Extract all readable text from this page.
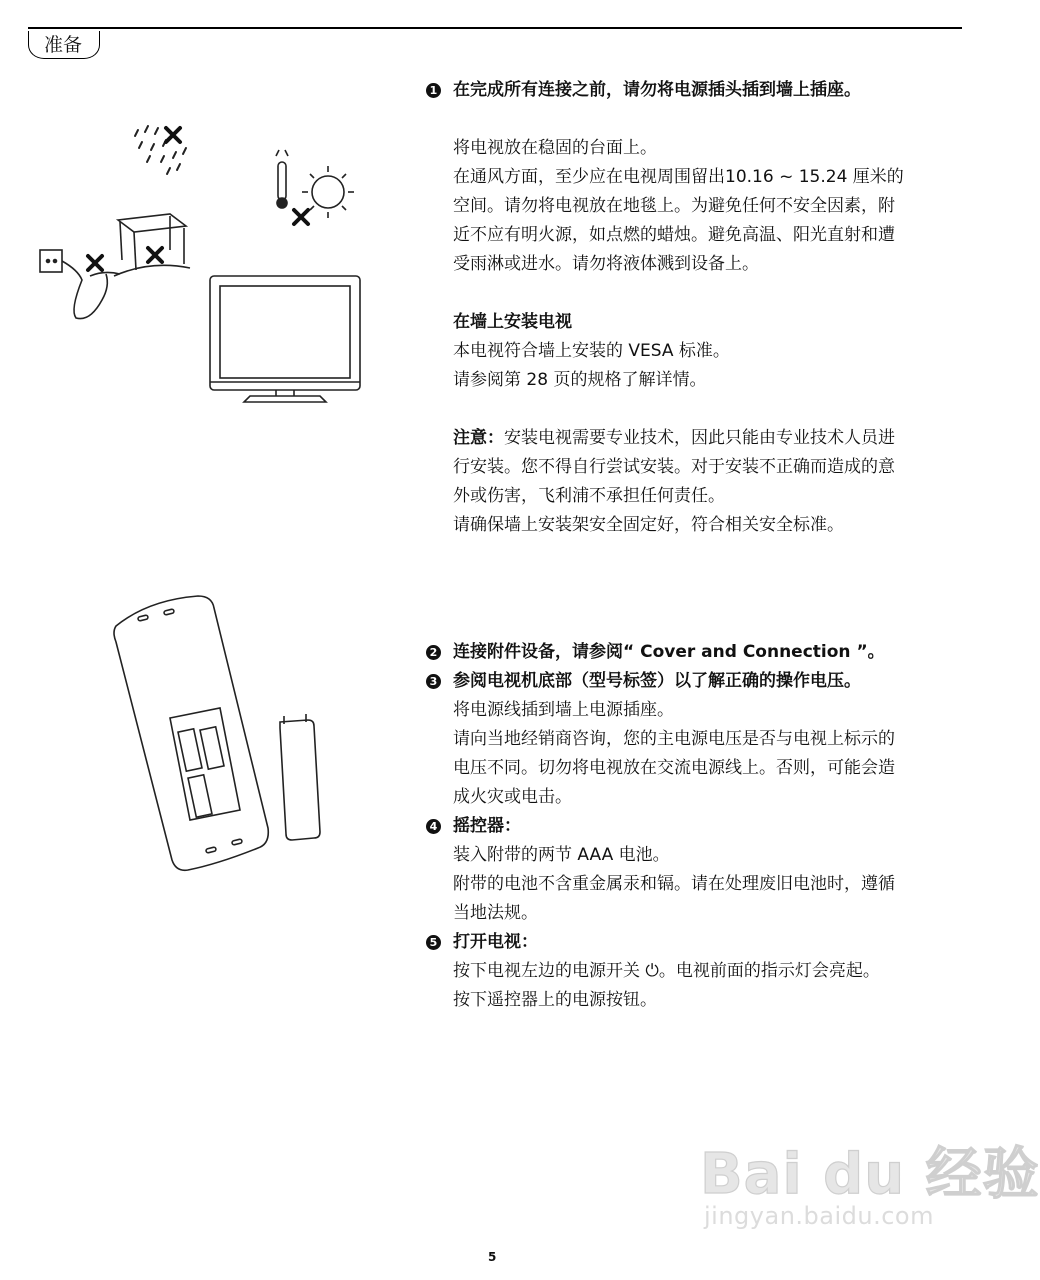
准备
1 在完成所有连接之前，请勿将电源插头插到墙上插座。
将电视放在稳固的台面上。
在通风方面，至少应在电视周围留出10.16 ~ 15.24 厘米的
空间。请勿将电视放在地毯上。为避免任何不安全因素，附
近不应有明火源，如点燃的蜡烛。避免高温、阳光直射和遭
受雨淋或进水。请勿将液体溅到设备上。
在墙上安装电视
本电视符合墙上安装的 VESA 标准。
请参阅第 28 页的规格了解详情。
注意：安装电视需要专业技术，因此只能由专业技术人员进
行安装。您不得自行尝试安装。对于安装不正确而造成的意
外或伤害，飞利浦不承担任何责任。
请确保墙上安装架安全固定好，符合相关安全标准。
2 连接附件设备，请参阅“ Cover and Connection ”。
3 参阅电视机底部（型号标签）以了解正确的操作电压。
将电源线插到墙上电源插座。
请向当地经销商咨询，您的主电源电压是否与电视上标示的
电压不同。切勿将电视放在交流电源线上。否则，可能会造
成火灾或电击。
4 摇控器：
装入附带的两节 AAA 电池。
附带的电池不含重金属汞和镉。请在处理废旧电池时，遵循
当地法规。
5 打开电视：
按下电视左边的电源开关 ⏻。电视前面的指示灯会亮起。
按下遥控器上的电源按钮。
Bai du 经验
jingyan.baidu.com
5
